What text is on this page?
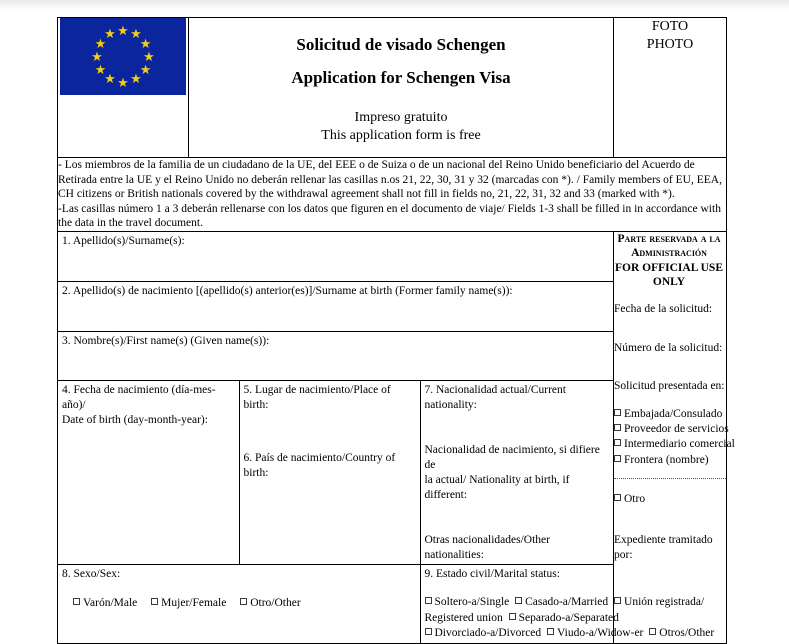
★ ★
★
★
★
★
★
★
★
★
★
★

Solicitud de visado Schengen
Application for Schengen Visa
Impreso gratuito
This application form is free

FOTO
PHOTO

- Los miembros de la familia de un ciudadano de la UE, del EEE o de Suiza o de un nacional del Reino Unido beneficiario del Acuerdo de Retirada entre la UE y el Reino Unido no deberán rellenar las casillas n.os 21, 22, 30, 31 y 32 (marcadas con *). / Family members of EU, EEA, CH citizens or British nationals covered by the withdrawal agreement shall not fill in fields no, 21, 22, 31, 32 and 33 (marked with *).

-Las casillas número 1 a 3 deberán rellenarse con los datos que figuren en el documento de viaje/ Fields 1-3 shall be filled in in accordance with the data in the travel document.

1. Apellido(s)/Surname(s):
2. Apellido(s) de nacimiento [(apellido(s) anterior(es)]/Surname at birth (Former family name(s)):
3. Nombre(s)/First name(s) (Given name(s)):

4. Fecha de nacimiento (día-mes-año)/
Date of birth (day-month-year):

5. Lugar de nacimiento/Place of birth:
6. País de nacimiento/Country of birth:

7. Nacionalidad actual/Current
nationality:
Nacionalidad de nacimiento, si difiere de
la actual/ Nationality at birth, if different:
Otras nacionalidades/Other nationalities:

8. Sexo/Sex:
Varón/Male Mujer/Female Otro/Other

9. Estado civil/Marital status:
Soltero-a/Single Casado-a/Married Unión registrada/
Registered union Separado-a/Separated
Divorciado-a/Divorced Viudo-a/Widow-er Otros/Other

Parte reservada a la
Administración
FOR OFFICIAL USE
ONLY
Fecha de la solicitud:
Número de la solicitud:
Solicitud presentada en:
Embajada/Consulado
Proveedor de servicios
Intermediario comercial
Frontera (nombre)
Otro
Expediente tramitado por:
